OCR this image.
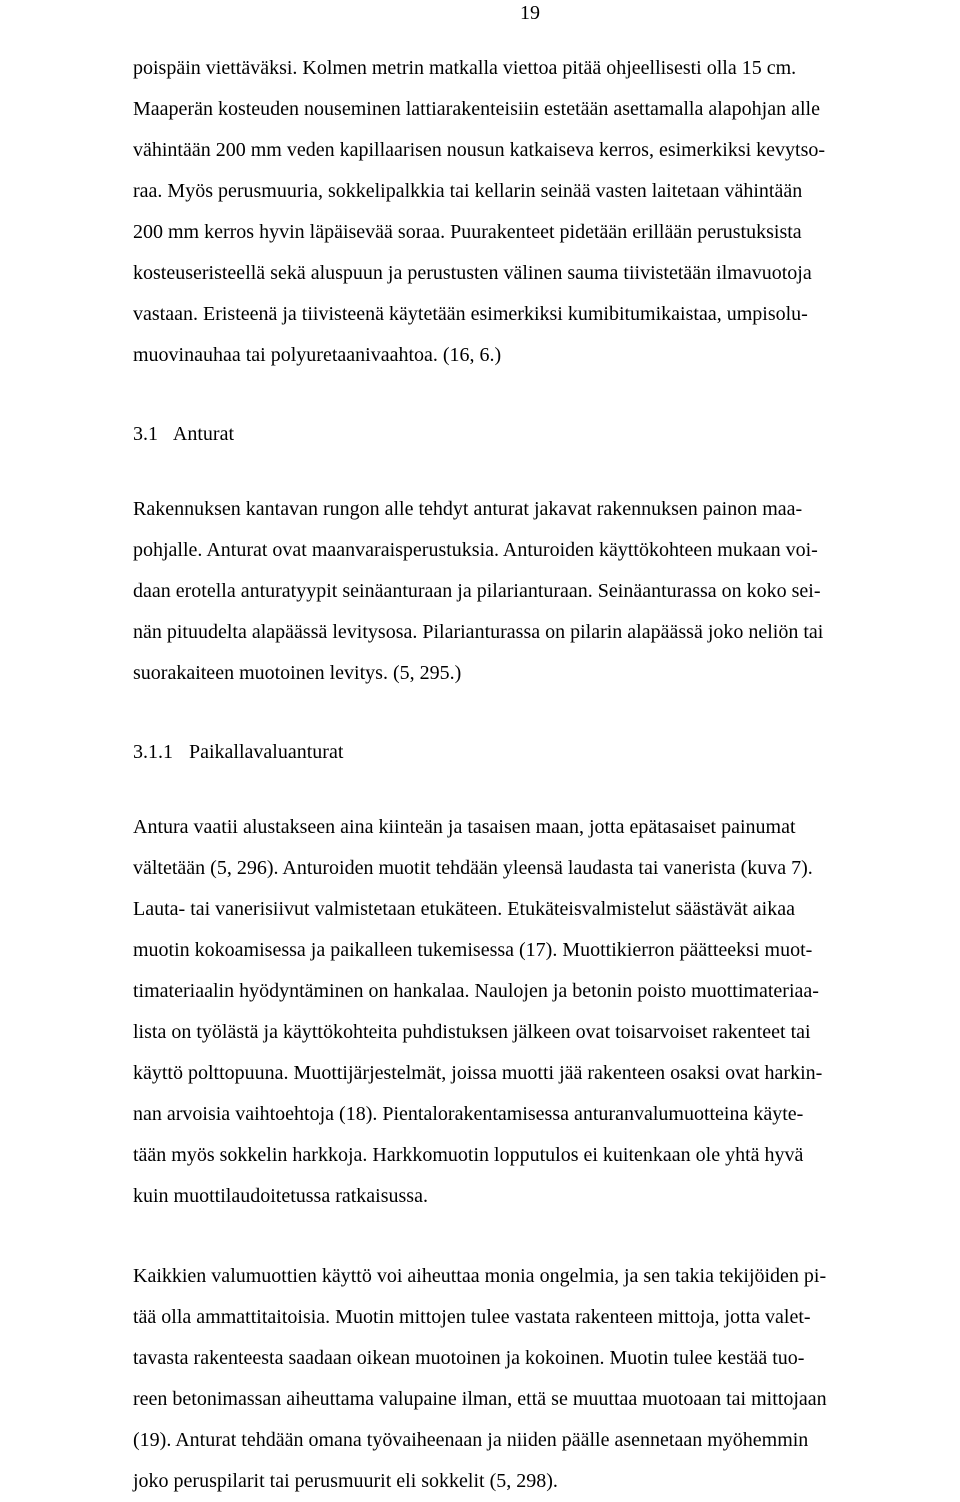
19
poispäin viettäväksi. Kolmen metrin matkalla viettoa pitää ohjeellisesti olla 15 cm.
Maaperän kosteuden nouseminen lattiarakenteisiin estetään asettamalla alapohjan alle
vähintään 200 mm veden kapillaarisen nousun katkaiseva kerros, esimerkiksi kevytso-
raa. Myös perusmuuria, sokkelipalkkia tai kellarin seinää vasten laitetaan vähintään
200 mm kerros hyvin läpäisevää soraa. Puurakenteet pidetään erillään perustuksista
kosteuseristeellä sekä aluspuun ja perustusten välinen sauma tiivistetään ilmavuotoja
vastaan. Eristeenä ja tiivisteenä käytetään esimerkiksi kumibitumikaistaa, umpisolu-
muovinauhaa tai polyuretaanivaahtoa. (16, 6.)
3.1 Anturat
Rakennuksen kantavan rungon alle tehdyt anturat jakavat rakennuksen painon maa-
pohjalle. Anturat ovat maanvaraisperustuksia. Anturoiden käyttökohteen mukaan voi-
daan erotella anturatyypit seinäanturaan ja pilarianturaan. Seinäanturassa on koko sei-
nän pituudelta alapäässä levitysosa. Pilarianturassa on pilarin alapäässä joko neliön tai
suorakaiteen muotoinen levitys. (5, 295.)
3.1.1 Paikallavaluanturat
Antura vaatii alustakseen aina kiinteän ja tasaisen maan, jotta epätasaiset painumat
vältetään (5, 296). Anturoiden muotit tehdään yleensä laudasta tai vanerista (kuva 7).
Lauta- tai vanerisiivut valmistetaan etukäteen. Etukäteisvalmistelut säästävät aikaa
muotin kokoamisessa ja paikalleen tukemisessa (17). Muottikierron päätteeksi muot-
timateriaalin hyödyntäminen on hankalaa. Naulojen ja betonin poisto muottimateriaa-
lista on työlästä ja käyttökohteita puhdistuksen jälkeen ovat toisarvoiset rakenteet tai
käyttö polttopuuna. Muottijärjestelmät, joissa muotti jää rakenteen osaksi ovat harkin-
nan arvoisia vaihtoehtoja (18). Pientalorakentamisessa anturanvalumuotteina käyte-
tään myös sokkelin harkkoja. Harkkomuotin lopputulos ei kuitenkaan ole yhtä hyvä
kuin muottilaudoitetussa ratkaisussa.
Kaikkien valumuottien käyttö voi aiheuttaa monia ongelmia, ja sen takia tekijöiden pi-
tää olla ammattitaitoisia. Muotin mittojen tulee vastata rakenteen mittoja, jotta valet-
tavasta rakenteesta saadaan oikean muotoinen ja kokoinen. Muotin tulee kestää tuo-
reen betonimassan aiheuttama valupaine ilman, että se muuttaa muotoaan tai mittojaan
(19). Anturat tehdään omana työvaiheenaan ja niiden päälle asennetaan myöhemmin
joko peruspilarit tai perusmuurit eli sokkelit (5, 298).
